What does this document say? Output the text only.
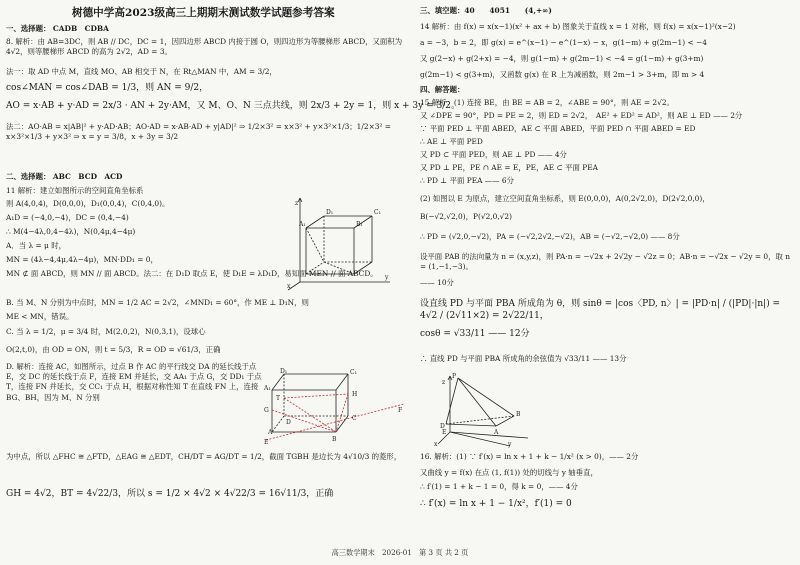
树德中学高2023级高三上期期末测试数学试题参考答案
一、选择题： CADB　CDBA
8. 解析：由 AB=3DC，则 AB // DC，DC = 1，因四边形 ABCD 内接于圆 O，则四边形为等腰梯形 ABCD，又面积为 4√2，则等腰梯形 ABCD 的高为 2√2，AD = 3。
法一：取 AD 中点 M，直线 MO、AB 相交于 N，在 Rt△MAN 中，AM = 3/2，
cos∠MAN = cos∠DAB = 1/3，则 AN = 9/2，
AO = x·AB + y·AD = 2x/3 · AN + 2y·AM，又 M、O、N 三点共线，则 2x/3 + 2y = 1，则 x + 3y = 3/2。
法二：AO·AB = x|AB|² + y·AD·AB；AO·AD = x·AB·AD + y|AD|² ⇒ 1/2×3² = x×3² + y×3²×1/3；1/2×3² = x×3²×1/3 + y×3² ⇒ x = y = 3/8，x + 3y = 3/2
二、选择题： ABC　BCD　ACD
11 解析：建立如图所示的空间直角坐标系
则 A(4,0,4)，D(0,0,0)，D₁(0,0,4)，C(0,4,0)。
A₁D = (−4,0,−4)，DC = (0,4,−4)
∴ M(4−4λ,0,4−4λ)，N(0,4μ,4−4μ)
A．当 λ = μ 时，
MN = (4λ−4,4μ,4λ−4μ)，MN·DD₁ = 0，
MN ⊄ 面 ABCD，则 MN // 面 ABCD。法二：在 D₁D 取点 E，使 D₁E = λD₁D，易知面 MEN // 面 ABCD。
B. 当 M、N 分别为中点时，MN = 1/2 AC = 2√2，∠MND₁ = 60°，作 ME ⊥ D₁N，则
ME < MN，错误。
C. 当 λ = 1/2，μ = 3/4 时，M(2,0,2)，N(0,3,1)，设球心
O(2,t,0)，由 OD = ON，则 t = 5/3，R = OD = √61/3，正确
D. 解析：连接 AC，如图所示，过点 B 作 AC 的平行线交 DA 的延长线于点 E，交 DC 的延长线于点 F，连接 EM 并延长，交 AA₁ 于点 G，交 DD₁ 于点 T，连接 FN 并延长，交 CC₁ 于点 H，根据对称性知 T 在直线 FN 上，连接 BG、BH，因为 M、N 分别
为中点，所以 △FHC ≅ △FTD，△EAG ≅ △EDT，CH/DT = AG/DT = 1/2，截面 TGBH 是边长为 4√10/3 的菱形，
GH = 4√2，BT = 4√22/3，所以 s = 1/2 × 4√2 × 4√22/3 = 16√11/3，正确
z
x
y
D₁
A₁
C₁
B₁
D₁	C₁
A₁
T
G
H
D
F
E
A
B
C
三、填空题：40　　4051　　(4,+∞)
14 解析：由 f(x) = x(x−1)(x² + ax + b) 图象关于直线 x = 1 对称，则 f(x) = x(x−1)²(x−2)
a = −3，b = 2，即 g(x) = e^(x−1) − e^(1−x) − x，g(1−m) + g(2m−1) < −4
又 g(2−x) + g(2+x) = −4，则 g(1−m) + g(2m−1) < −4 = g(1−m) + g(3+m)
g(2m−1) < g(3+m)，又函数 g(x) 在 R 上为减函数，则 2m−1 > 3+m，即 m > 4
四、解答题：
15 解析：(1) 连接 BE，由 BE = AB = 2，∠ABE = 90°，则 AE = 2√2。
又 ∠DPE = 90°，PD = PE = 2，则 ED = 2√2，　AE² + ED² = AD²，则 AE ⊥ ED —— 2分
∵ 平面 PED ⊥ 平面 ABED，AE ⊂ 平面 ABED，平面 PED ∩ 平面 ABED = ED
∴ AE ⊥ 平面 PED
又 PD ⊂ 平面 PED，则 AE ⊥ PD —— 4分
又 PD ⊥ PE，PE ∩ AE = E，PE，AE ⊂ 平面 PEA
∴ PD ⊥ 平面 PEA —— 6分
(2) 如图以 E 为原点，建立空间直角坐标系，则 E(0,0,0)，A(0,2√2,0)，D(2√2,0,0)，
B(−√2,√2,0)，P(√2,0,√2)
∴ PD = (√2,0,−√2)，PA = (−√2,2√2,−√2)，AB = (−√2,−√2,0) —— 8分
设平面 PAB 的法向量为 n = (x,y,z)，则 PA·n = −√2x + 2√2y − √2z = 0；AB·n = −√2x − √2y = 0，取 n = (1,−1,−3)。
—— 10分
设直线 PD 与平面 PBA 所成角为 θ，则 sinθ = |cos〈PD, n〉| = |PD·n| / (|PD|·|n|) = 4√2 / (2√11×2) = 2√22/11，
cosθ = √33/11 —— 12分
∴ 直线 PD 与平面 PBA 所成角的余弦值为 √33/11 —— 13分
16. 解析：(1) ∵ f′(x) = ln x + 1 + k − 1/x² (x > 0)，—— 2分
又曲线 y = f(x) 在点 (1, f(1)) 处的切线与 y 轴垂直，
∴ f′(1) = 1 + k − 1 = 0，得 k = 0，—— 4分
∴ f′(x) = ln x + 1 − 1/x²，f′(1) = 0
P
z
E
B
D
A
x	y
高三数学期末　2026-01　第 3 页 共 2 页
